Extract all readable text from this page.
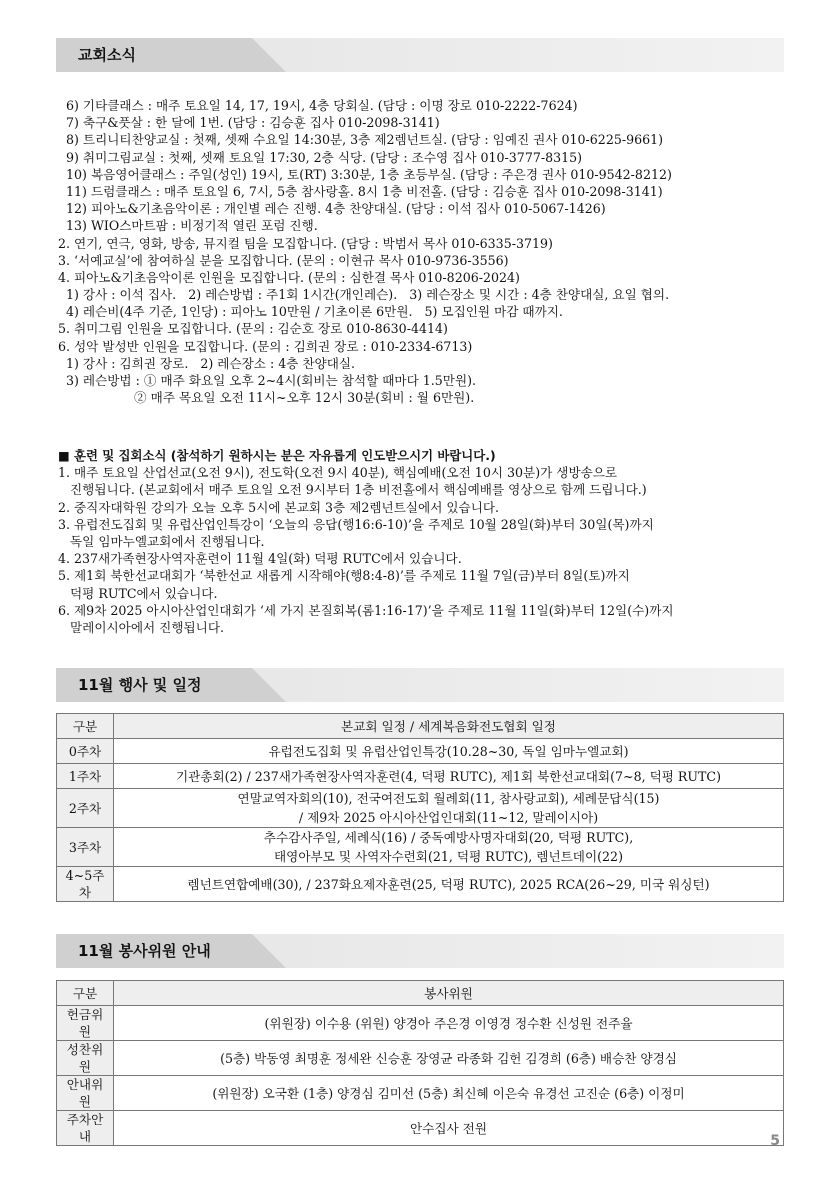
교회소식
6) 기타클래스 : 매주 토요일 14, 17, 19시, 4층 당회실. (담당 : 이명 장로 010-2222-7624)
7) 축구&풋살 : 한 달에 1번. (담당 : 김승훈 집사 010-2098-3141)
8) 트리니티찬양교실 : 첫째, 셋째 수요일 14:30분, 3층 제2렘넌트실. (담당 : 임예진 권사 010-6225-9661)
9) 취미그림교실 : 첫째, 셋째 토요일 17:30, 2층 식당. (담당 : 조수영 집사 010-3777-8315)
10) 복음영어클래스 : 주일(성인) 19시, 토(RT) 3:30분, 1층 초등부실. (담당 : 주은경 권사 010-9542-8212)
11) 드럼클래스 : 매주 토요일 6, 7시, 5층 참사랑홀. 8시 1층 비전홀. (담당 : 김승훈 집사 010-2098-3141)
12) 피아노&기초음악이론 : 개인별 레슨 진행. 4층 찬양대실. (담당 : 이석 집사 010-5067-1426)
13) WIO스마트팜 : 비정기적 열린 포럼 진행.
2. 연기, 연극, 영화, 방송, 뮤지컬 팀을 모집합니다. (담당 : 박범서 목사 010-6335-3719)
3. ‘서예교실’에 참여하실 분을 모집합니다. (문의 : 이현규 목사 010-9736-3556)
4. 피아노&기초음악이론 인원을 모집합니다. (문의 : 심한결 목사 010-8206-2024)
1) 강사 : 이석 집사.   2) 레슨방법 : 주1회 1시간(개인레슨).   3) 레슨장소 및 시간 : 4층 찬양대실, 요일 협의.
4) 레슨비(4주 기준, 1인당) : 피아노 10만원 / 기초이론 6만원.   5) 모집인원 마감 때까지.
5. 취미그림 인원을 모집합니다. (문의 : 김순호 장로 010-8630-4414)
6. 성악 발성반 인원을 모집합니다. (문의 : 김희권 장로 : 010-2334-6713)
1) 강사 : 김희권 장로.   2) 레슨장소 : 4층 찬양대실.
3) 레슨방법 : ① 매주 화요일 오후 2~4시(회비는 참석할 때마다 1.5만원).
② 매주 목요일 오전 11시~오후 12시 30분(회비 : 월 6만원).
■ 훈련 및 집회소식 (참석하기 원하시는 분은 자유롭게 인도받으시기 바랍니다.)
1. 매주 토요일 산업선교(오전 9시), 전도학(오전 9시 40분), 핵심예배(오전 10시 30분)가 생방송으로
진행됩니다. (본교회에서 매주 토요일 오전 9시부터 1층 비전홀에서 핵심예배를 영상으로 함께 드립니다.)
2. 중직자대학원 강의가 오늘 오후 5시에 본교회 3층 제2렘넌트실에서 있습니다.
3. 유럽전도집회 및 유럽산업인특강이 ‘오늘의 응답(행16:6-10)’을 주제로 10월 28일(화)부터 30일(목)까지
독일 임마누엘교회에서 진행됩니다.
4. 237새가족현장사역자훈련이 11월 4일(화) 덕평 RUTC에서 있습니다.
5. 제1회 북한선교대회가 ‘북한선교 새롭게 시작해야(행8:4-8)’를 주제로 11월 7일(금)부터 8일(토)까지
덕평 RUTC에서 있습니다.
6. 제9차 2025 아시아산업인대회가 ‘세 가지 본질회복(롬1:16-17)’을 주제로 11월 11일(화)부터 12일(수)까지
말레이시아에서 진행됩니다.
11월 행사 및 일정
구분	본교회 일정 / 세계복음화전도협회 일정
0주차	유럽전도집회 및 유럽산업인특강(10.28~30, 독일 임마누엘교회)

1주차	기관총회(2) / 237새가족현장사역자훈련(4, 덕평 RUTC), 제1회 북한선교대회(7~8, 덕평 RUTC)

2주차	연말교역자회의(10), 전국여전도회 월례회(11, 참사랑교회), 세례문답식(15)
/ 제9차 2025 아시아산업인대회(11~12, 말레이시아)

3주차	추수감사주일, 세례식(16) / 중독예방사명자대회(20, 덕평 RUTC),
태영아부모 및 사역자수련회(21, 덕평 RUTC), 렘넌트데이(22)

4~5주차	렘넌트연합예배(30), / 237화요제자훈련(25, 덕평 RUTC), 2025 RCA(26~29, 미국 워싱턴)
11월 봉사위원 안내
구분	봉사위원
헌금위원	(위원장) 이수용 (위원) 양경아 주은경 이영경 정수환 신성원 전주율
성찬위원	(5층) 박동영 최명훈 정세완 신승훈 장영균 라종화 김헌 김경희 (6층) 배승찬 양경심
안내위원	(위원장) 오국환 (1층) 양경심 김미선 (5층) 최신혜 이은숙 유경선 고진순 (6층) 이정미
주차안내	안수집사 전원
5
